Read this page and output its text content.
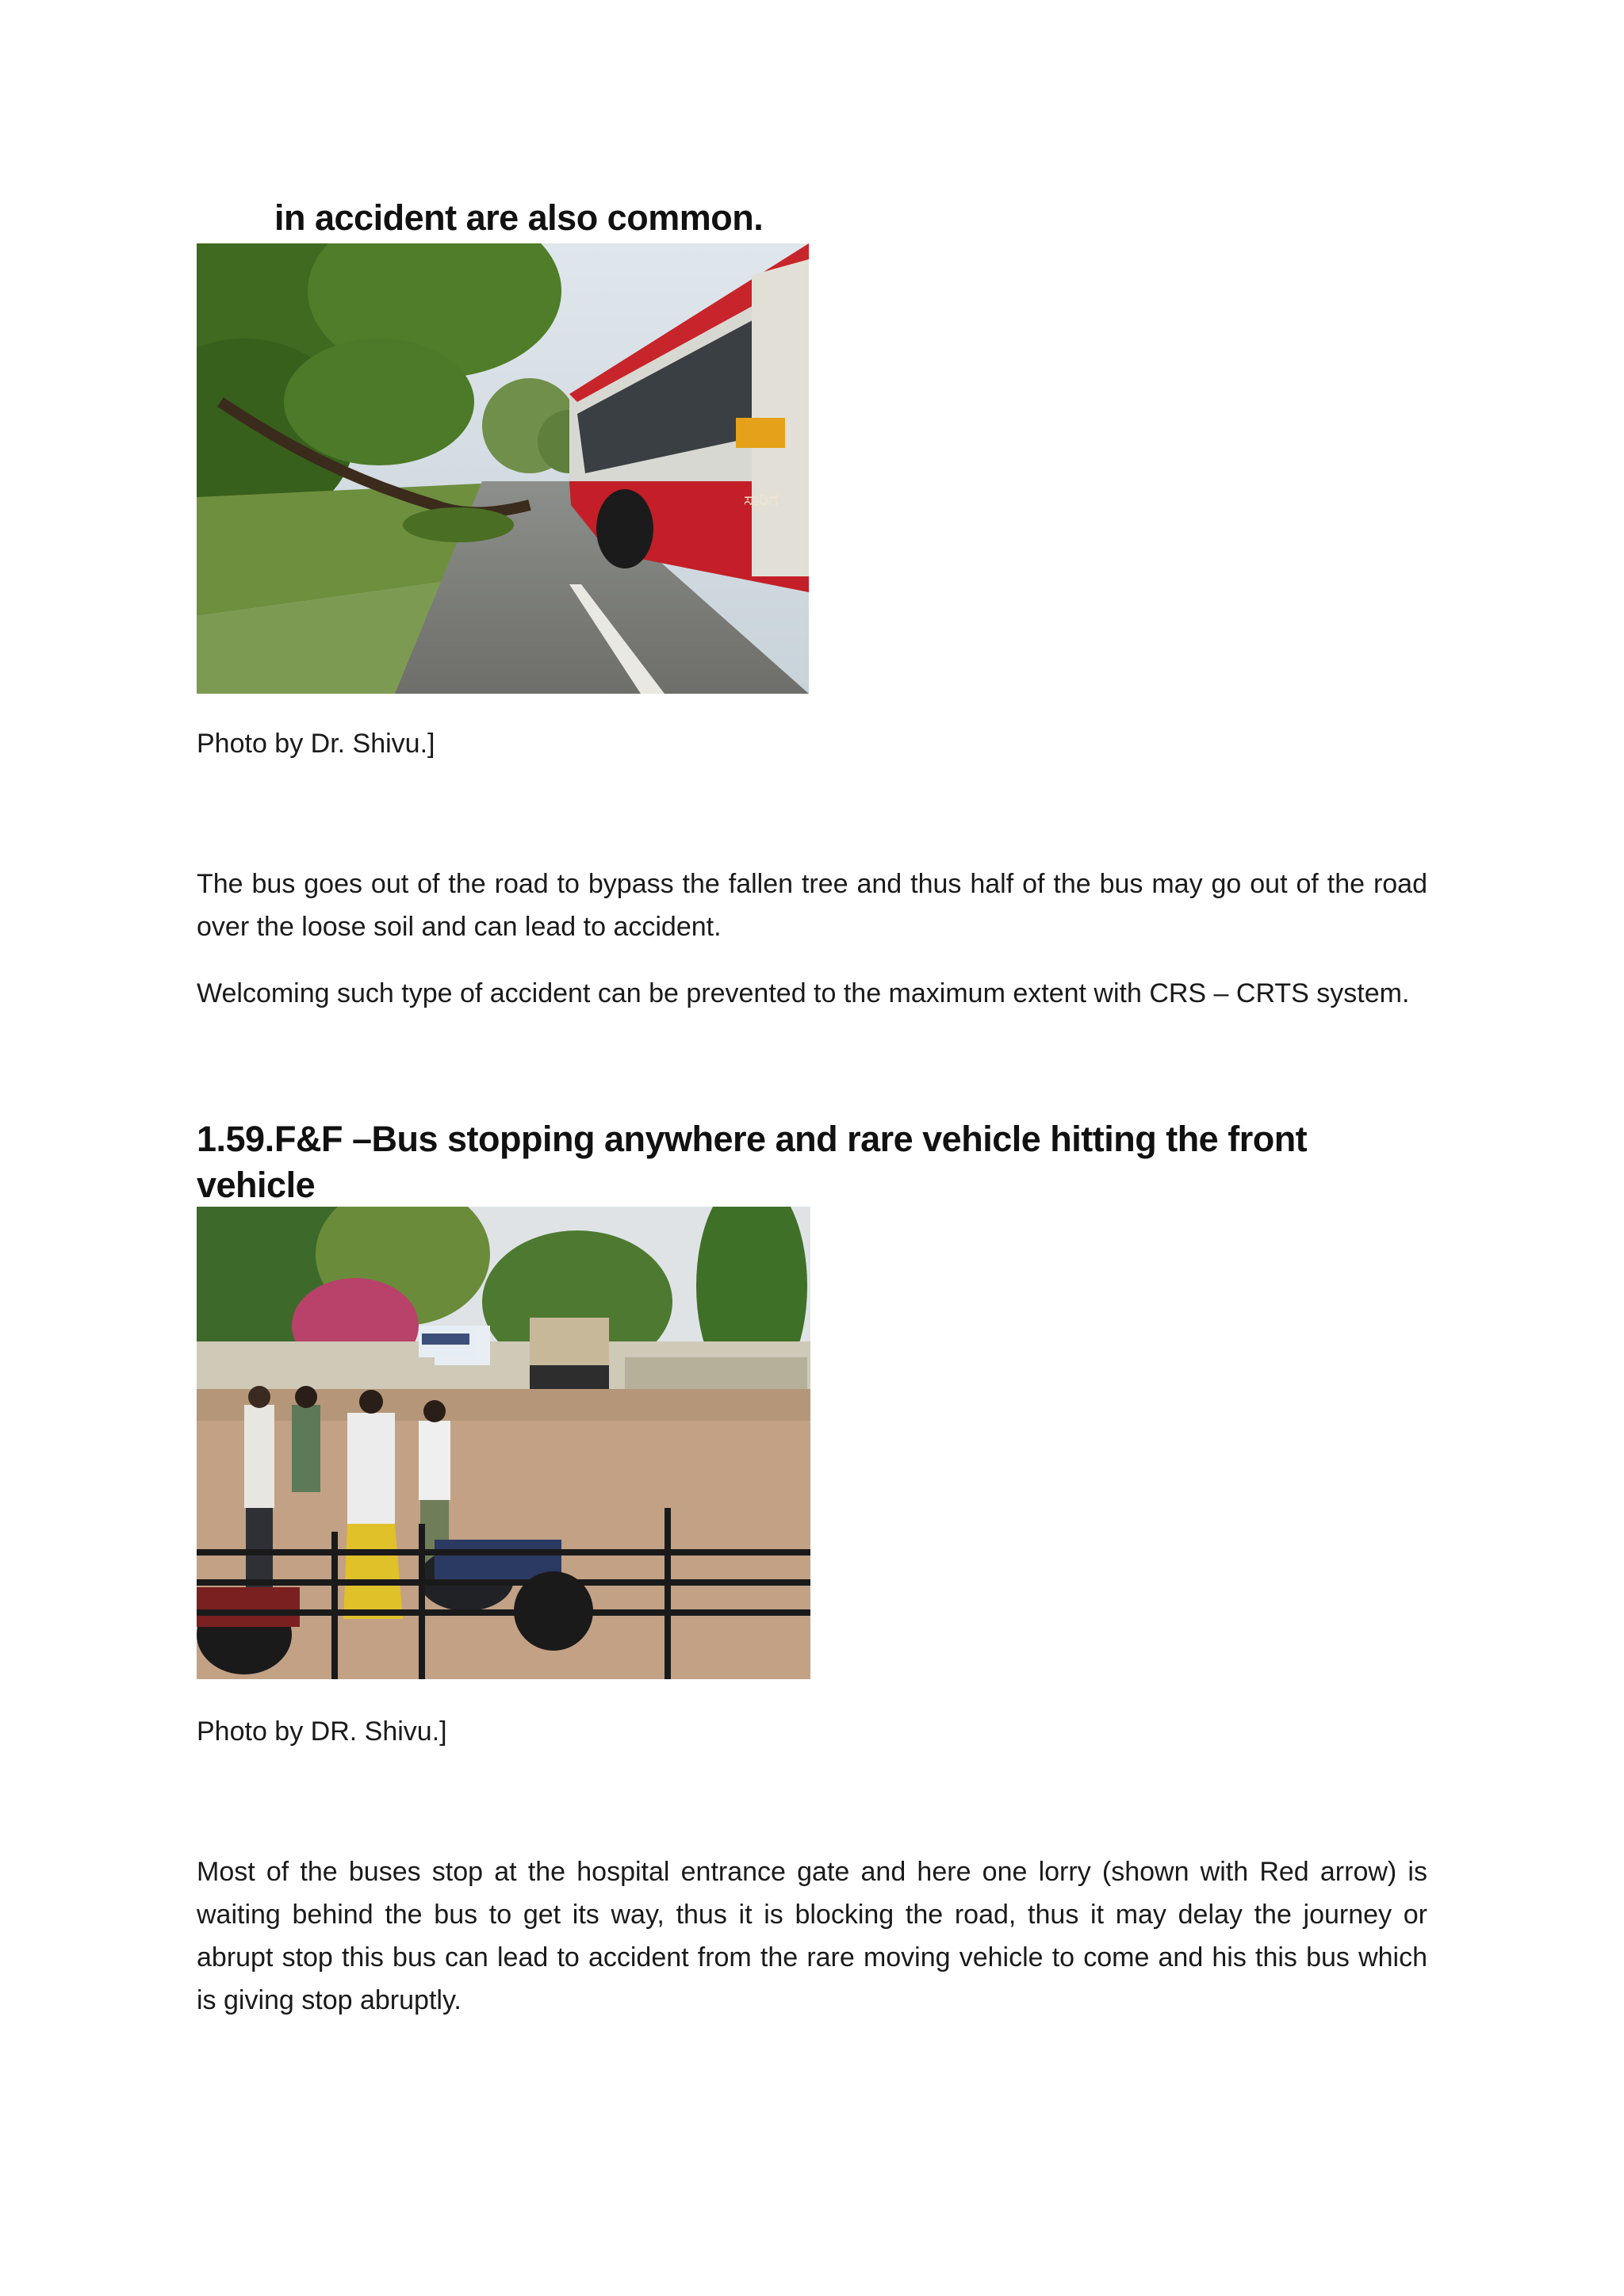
in accident are also common.
ಸಾರಿಗೆ
Photo by Dr. Shivu.]
The bus goes out of the road to bypass the fallen tree and thus half of the bus may go out of the road over the loose soil and can lead to accident.
Welcoming such type of accident can be prevented to the maximum extent with CRS – CRTS system.
1.59.F&F –Bus stopping anywhere and rare vehicle hitting the front vehicle
Photo by DR. Shivu.]
Most of the buses stop at the hospital entrance gate and here one lorry (shown with Red arrow) is waiting behind the bus to get its way, thus it is blocking the road, thus it may delay the journey or abrupt stop this bus can lead to accident from the rare moving vehicle to come and his this bus which is giving stop abruptly.
